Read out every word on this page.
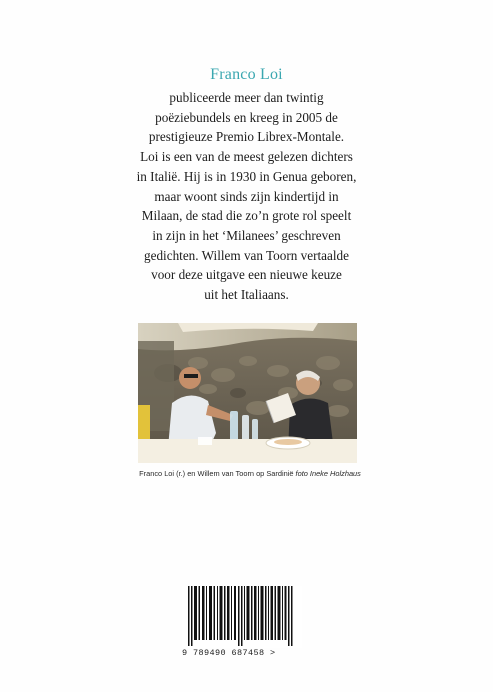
Franco Loi
publiceerde meer dan twintig
poëziebundels en kreeg in 2005 de
prestigieuze Premio Librex-Montale.
Loi is een van de meest gelezen dichters
in Italië. Hij is in 1930 in Genua geboren,
maar woont sinds zijn kindertijd in
Milaan, de stad die zo’n grote rol speelt
in zijn in het ‘Milanees’ geschreven
gedichten. Willem van Toorn vertaalde
voor deze uitgave een nieuwe keuze
uit het Italiaans.
Franco Loi (r.) en Willem van Toorn op Sardinië foto Ineke Holzhaus
9 789490 687458 >
